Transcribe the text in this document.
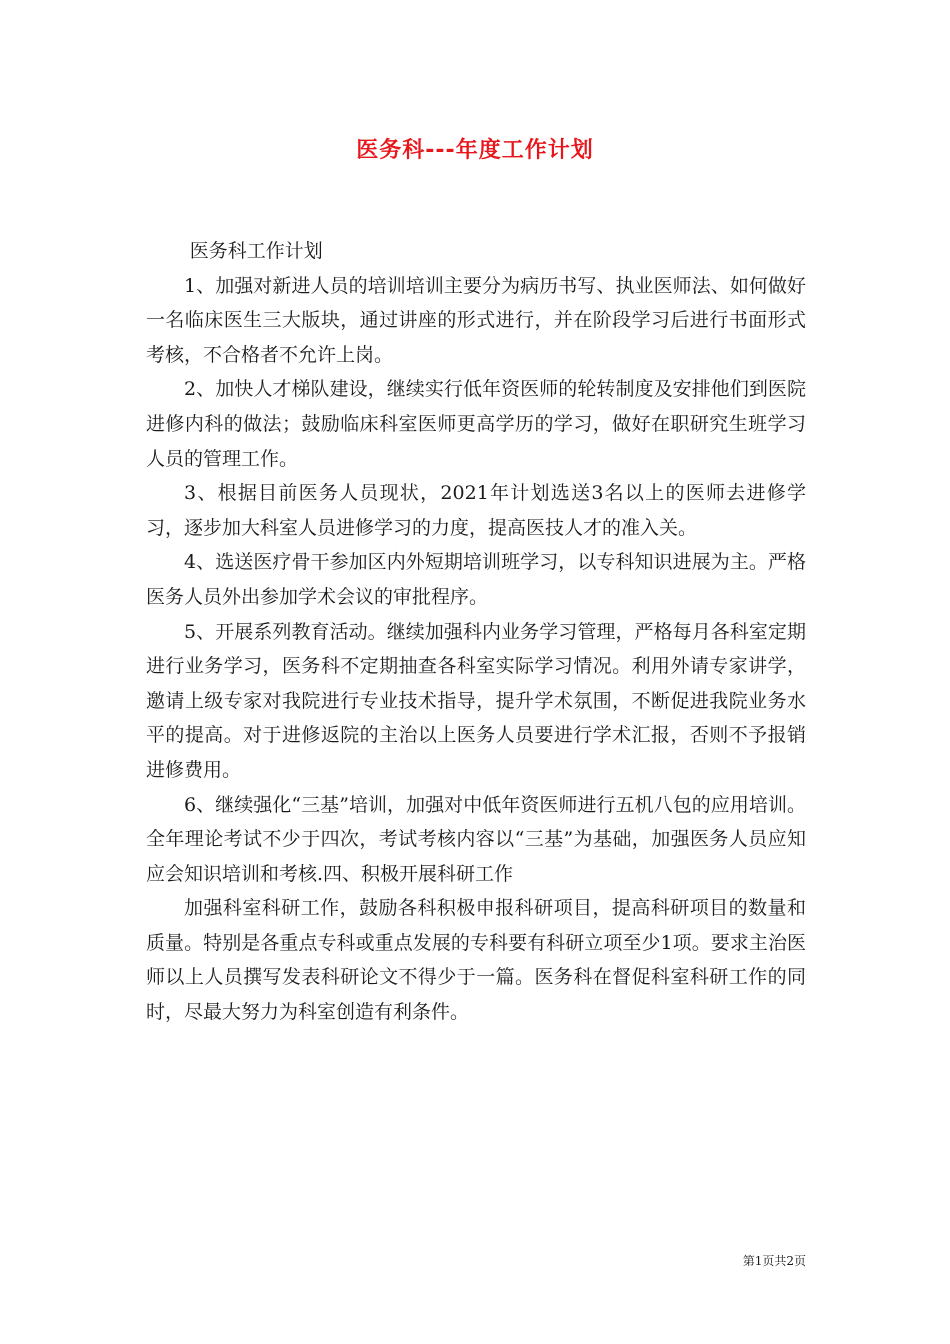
医务科---年度工作计划

医务科工作计划

1、加强对新进人员的培训培训主要分为病历书写、执业医师法、如何做好一名临床医生三大版块，通过讲座的形式进行，并在阶段学习后进行书面形式考核，不合格者不允许上岗。

2、加快人才梯队建设，继续实行低年资医师的轮转制度及安排他们到医院进修内科的做法；鼓励临床科室医师更高学历的学习，做好在职研究生班学习人员的管理工作。

3、根据目前医务人员现状，2021年计划选送3名以上的医师去进修学习，逐步加大科室人员进修学习的力度，提高医技人才的准入关。

4、选送医疗骨干参加区内外短期培训班学习，以专科知识进展为主。严格医务人员外出参加学术会议的审批程序。

5、开展系列教育活动。继续加强科内业务学习管理，严格每月各科室定期进行业务学习，医务科不定期抽查各科室实际学习情况。利用外请专家讲学，邀请上级专家对我院进行专业技术指导，提升学术氛围，不断促进我院业务水平的提高。对于进修返院的主治以上医务人员要进行学术汇报，否则不予报销进修费用。

6、继续强化“三基”培训，加强对中低年资医师进行五机八包的应用培训。全年理论考试不少于四次，考试考核内容以“三基”为基础，加强医务人员应知应会知识培训和考核.四、积极开展科研工作

加强科室科研工作，鼓励各科积极申报科研项目，提高科研项目的数量和质量。特别是各重点专科或重点发展的专科要有科研立项至少1项。要求主治医师以上人员撰写发表科研论文不得少于一篇。医务科在督促科室科研工作的同时，尽最大努力为科室创造有利条件。

第1页共2页
